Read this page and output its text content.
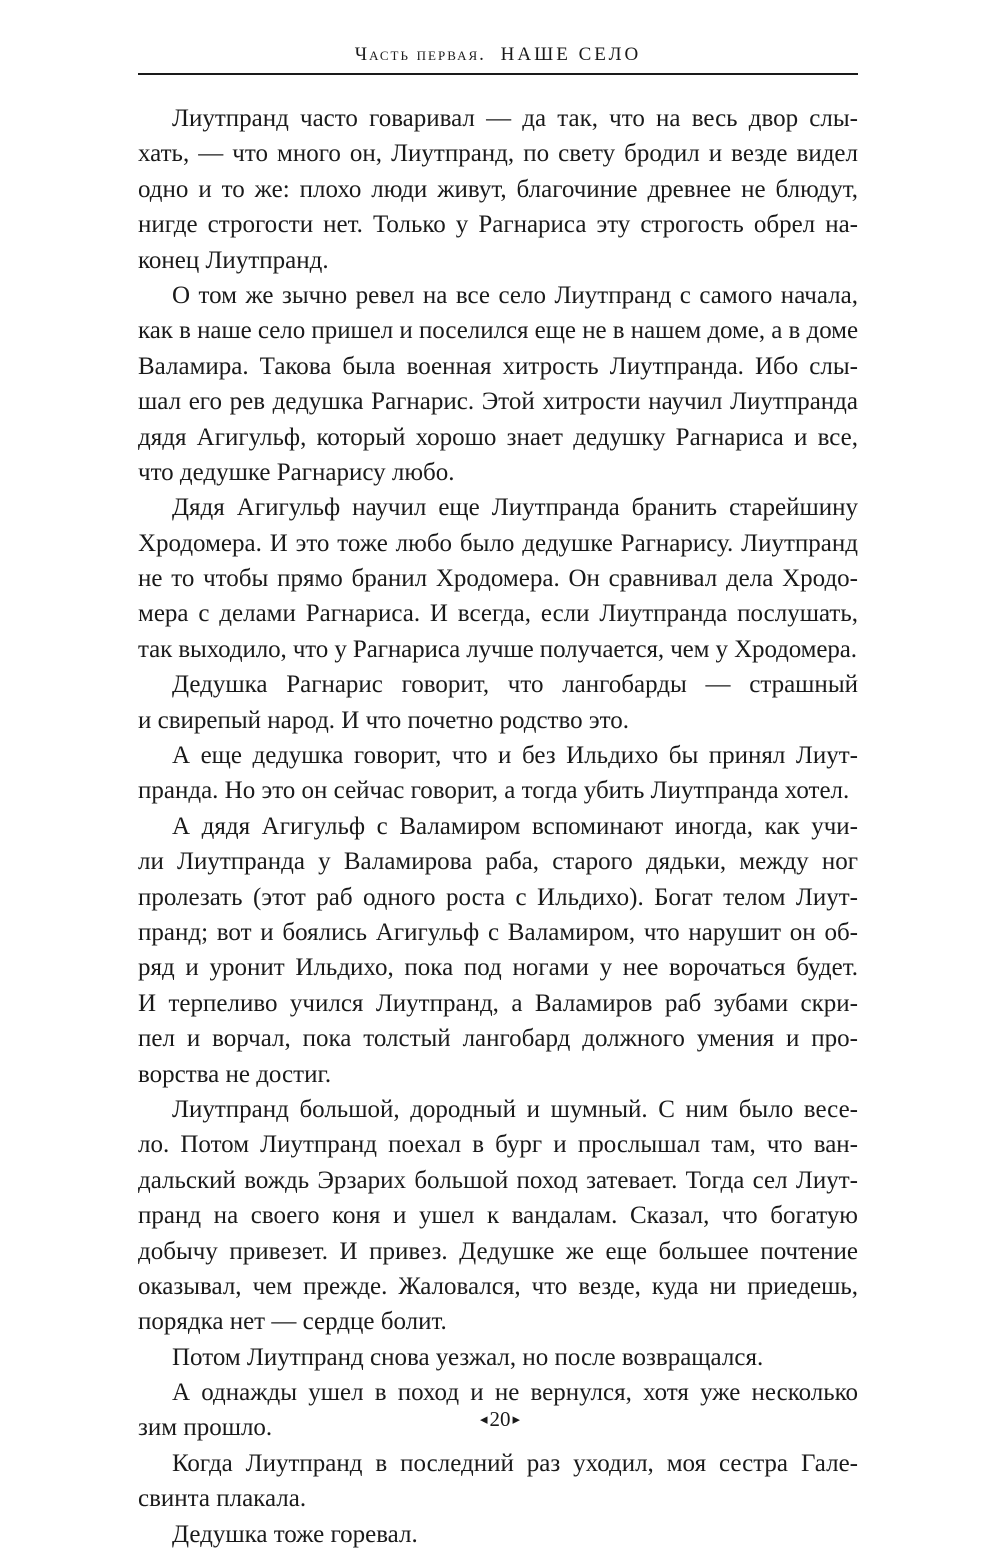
Часть первая. НАШЕ СЕЛО
Лиутпранд часто говаривал — да так, что на весь двор слы-
хать, — что много он, Лиутпранд, по свету бродил и везде видел
одно и то же: плохо люди живут, благочиние древнее не блюдут,
нигде строгости нет. Только у Рагнариса эту строгость обрел на-
конец Лиутпранд.
О том же зычно ревел на все село Лиутпранд с самого начала,
как в наше село пришел и поселился еще не в нашем доме, а в доме
Валамира. Такова была военная хитрость Лиутпранда. Ибо слы-
шал его рев дедушка Рагнарис. Этой хитрости научил Лиутпранда
дядя Агигульф, который хорошо знает дедушку Рагнариса и все,
что дедушке Рагнарису любо.
Дядя Агигульф научил еще Лиутпранда бранить старейшину
Хродомера. И это тоже любо было дедушке Рагнарису. Лиутпранд
не то чтобы прямо бранил Хродомера. Он сравнивал дела Хродо-
мера с делами Рагнариса. И всегда, если Лиутпранда послушать,
так выходило, что у Рагнариса лучше получается, чем у Хродомера.
Дедушка Рагнарис говорит, что лангобарды — страшный
и свирепый народ. И что почетно родство это.
А еще дедушка говорит, что и без Ильдихо бы принял Лиут-
пранда. Но это он сейчас говорит, а тогда убить Лиутпранда хотел.
А дядя Агигульф с Валамиром вспоминают иногда, как учи-
ли Лиутпранда у Валамирова раба, старого дядьки, между ног
пролезать (этот раб одного роста с Ильдихо). Богат телом Лиут-
пранд; вот и боялись Агигульф с Валамиром, что нарушит он об-
ряд и уронит Ильдихо, пока под ногами у нее ворочаться будет.
И терпеливо учился Лиутпранд, а Валамиров раб зубами скри-
пел и ворчал, пока толстый лангобард должного умения и про-
ворства не достиг.
Лиутпранд большой, дородный и шумный. С ним было весе-
ло. Потом Лиутпранд поехал в бург и прослышал там, что ван-
дальский вождь Эрзарих большой поход затевает. Тогда сел Лиут-
пранд на своего коня и ушел к вандалам. Сказал, что богатую
добычу привезет. И привез. Дедушке же еще большее почтение
оказывал, чем прежде. Жаловался, что везде, куда ни приедешь,
порядка нет — сердце болит.
Потом Лиутпранд снова уезжал, но после возвращался.
А однажды ушел в поход и не вернулся, хотя уже несколько
зим прошло.
Когда Лиутпранд в последний раз уходил, моя сестра Гале-
свинта плакала.
Дедушка тоже горевал.
◂20 ▸
